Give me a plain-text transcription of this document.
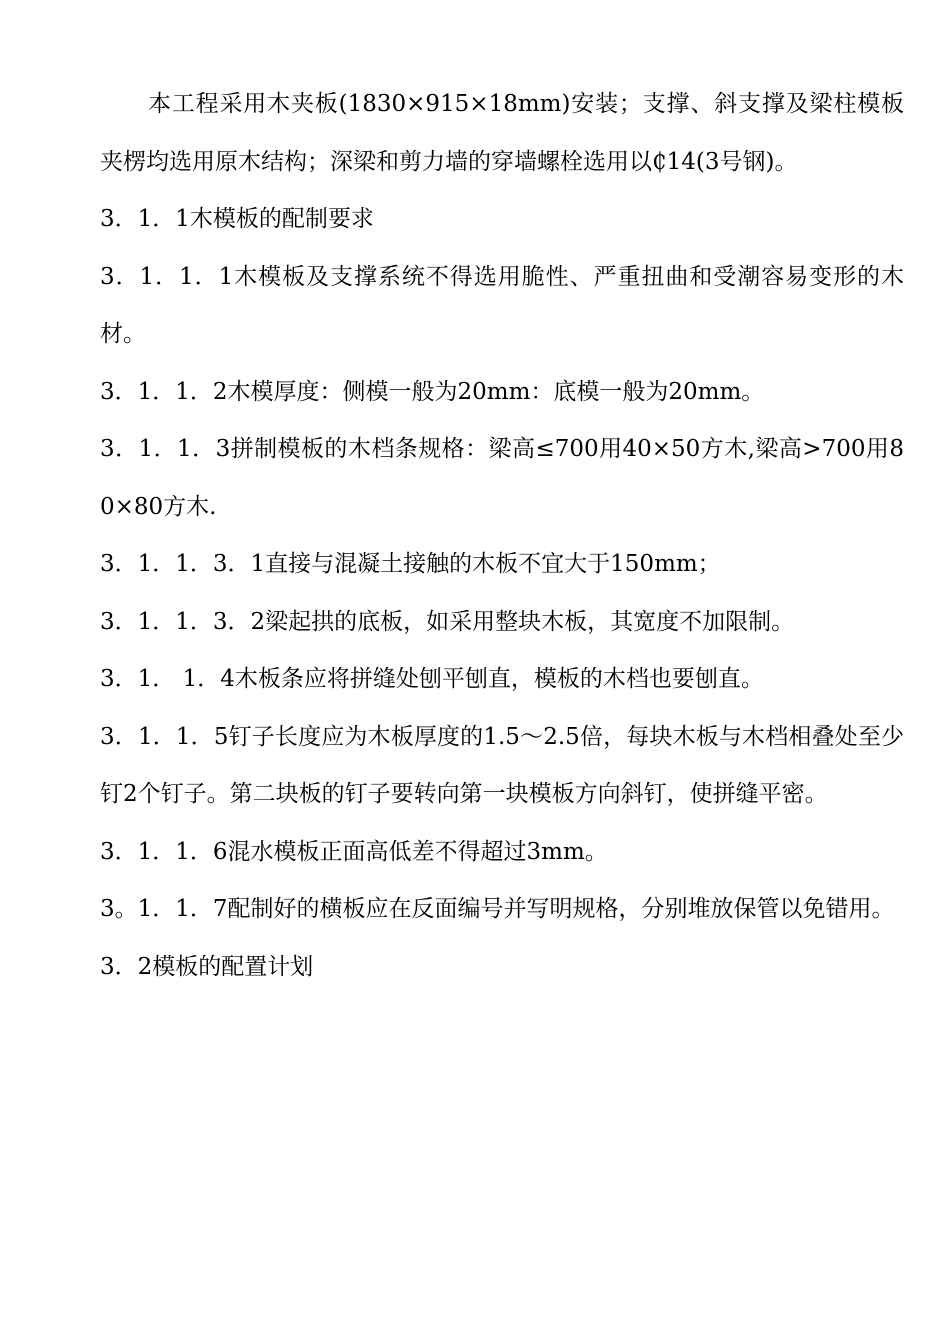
本工程采用木夹板(1830×915×18mm)安装；支撑、斜支撑及梁柱模板夹楞均选用原木结构；深梁和剪力墙的穿墙螺栓选用以₵14(3号钢)。

3．1．1木模板的配制要求

3．1．1．1木模板及支撑系统不得选用脆性、严重扭曲和受潮容易变形的木材。

3．1．1．2木模厚度：侧模一般为20mm：底模一般为20mm。

3．1．1．3拼制模板的木档条规格：梁高≤700用40×50方木,梁高>700用80×80方木.

3．1．1．3．1直接与混凝土接触的木板不宜大于150mm；

3．1．1．3．2梁起拱的底板，如采用整块木板，其宽度不加限制。

3．1． 1．4木板条应将拼缝处刨平刨直，模板的木档也要刨直。

3．1．1．5钉子长度应为木板厚度的1.5～2.5倍，每块木板与木档相叠处至少钉2个钉子。第二块板的钉子要转向第一块模板方向斜钉，使拼缝平密。

3．1．1．6混水模板正面高低差不得超过3mm。

3。1．1．7配制好的横板应在反面编号并写明规格，分别堆放保管以免错用。

3．2模板的配置计划
